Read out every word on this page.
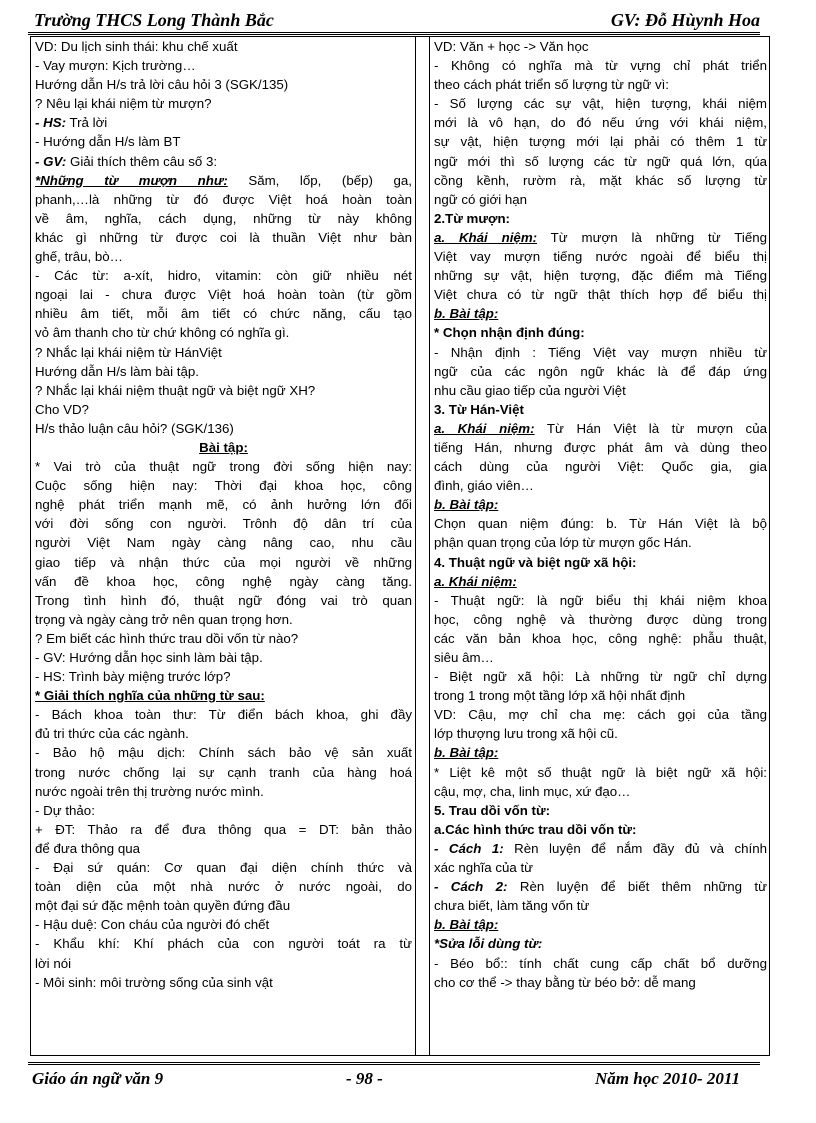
Trường THCS Long Thành Bắc	GV: Đỗ Hùynh Hoa
VD: Du lịch sinh thái: khu chế xuất
- Vay mượn: Kịch trường…
Hướng dẫn H/s trả lời câu hỏi 3 (SGK/135)
? Nêu lại khái niệm từ mượn?
- HS: Trả lời
- Hướng dẫn H/s làm BT
- GV: Giải thích thêm câu số 3:
*Những từ mượn như: Săm, lốp, (bếp) ga,
phanh,…là những từ đó được Việt hoá hoàn toàn
về âm, nghĩa, cách dụng, những từ này không
khác gì những từ được coi là thuần Việt như bàn
ghế, trâu, bò…
- Các từ: a-xít, hidro, vitamin: còn giữ nhiều nét
ngoại lai - chưa được Việt hoá hoàn toàn (từ gồm
nhiều âm tiết, mỗi âm tiết có chức năng, cấu tạo
vỏ âm thanh cho từ chứ không có nghĩa gì.
? Nhắc lại khái niệm từ HánViệt
Hướng dẫn H/s làm bài tập.
? Nhắc lại khái niệm thuật ngữ và biệt ngữ XH?
Cho VD?
H/s thảo luận câu hỏi? (SGK/136)
Bài tập:
* Vai trò của thuật ngữ trong đời sống hiện nay:
Cuộc sống hiện nay: Thời đại khoa học, công
nghệ phát triển mạnh mẽ, có ảnh hưởng lớn đối
với đời sống con người. Trônh độ dân trí của
người Việt Nam ngày càng nâng cao, nhu cầu
giao tiếp và nhận thức của mọi người về những
vấn đề khoa học, công nghệ ngày càng tăng.
Trong tình hình đó, thuật ngữ đóng vai trò quan
trọng và ngày càng trở nên quan trọng hơn.
? Em biết các hình thức trau dồi vốn từ nào?
- GV: Hướng dẫn học sinh làm bài tập.
- HS: Trình bày miệng trước lớp?
* Giải thích nghĩa của những từ sau:
- Bách khoa toàn thư: Từ điển bách khoa, ghi đầy
đủ tri thức của các ngành.
- Bảo hộ mậu dịch: Chính sách bảo vệ sản xuất
trong nước chống lại sự cạnh tranh của hàng hoá
nước ngoài trên thị trường nước mình.
- Dự thảo:
+ ĐT: Thảo ra để đưa thông qua = DT: bản thảo
để đưa thông qua
- Đại sứ quán: Cơ quan đại diện chính thức và
toàn diện của một nhà nước ở nước ngoài, do
một đại sứ đặc mệnh toàn quyền đứng đầu
- Hậu duệ: Con cháu của người đó chết
- Khẩu khí: Khí phách của con người toát ra từ
lời nói
- Môi sinh: môi trường sống của sinh vật
VD: Văn + học -> Văn học
- Không có nghĩa mà từ vựng chỉ phát triển
theo cách phát triển số lượng từ ngữ vì:
- Số lượng các sự vật, hiện tượng, khái niệm
mới là vô hạn, do đó nếu ứng với khái niệm,
sự vật, hiện tượng mới lại phải có thêm 1 từ
ngữ mới thì số lượng các từ ngữ quá lớn, qúa
cồng kềnh, rườm rà, mặt khác số lượng từ
ngữ có giới hạn
2.Từ mượn:
a. Khái niệm: Từ mượn là những từ Tiếng
Việt vay mượn tiếng nước ngoài để biểu thị
những sự vật, hiện tượng, đặc điểm mà Tiếng
Việt chưa có từ ngữ thật thích hợp để biểu thị
b. Bài tập:
* Chọn nhận định đúng:
- Nhận định : Tiếng Việt vay mượn nhiều từ
ngữ của các ngôn ngữ khác là để đáp ứng
nhu cầu giao tiếp của người Việt
3. Từ Hán-Việt
a. Khái niệm: Từ Hán Việt là từ mượn của
tiếng Hán, nhưng được phát âm và dùng theo
cách dùng của người Việt: Quốc gia, gia
đình, giáo viên…
b. Bài tập:
Chọn quan niệm đúng: b. Từ Hán Việt là bộ
phận quan trọng của lớp từ mượn gốc Hán.
4. Thuật ngữ và biệt ngữ xã hội:
a. Khái niệm:
- Thuật ngữ: là ngữ biểu thị khái niệm khoa
học, công nghệ và thường được dùng trong
các văn bản khoa học, công nghệ: phẫu thuật,
siêu âm…
- Biệt ngữ xã hội: Là những từ ngữ chỉ dựng
trong 1 trong một tầng lớp xã hội nhất định
VD: Cậu, mợ chỉ cha mẹ: cách gọi của tầng
lớp thượng lưu trong xã hội cũ.
b. Bài tập:
* Liệt kê một số thuật ngữ là biệt ngữ xã hội:
cậu, mợ, cha, linh mục, xứ đạo…
5. Trau dồi vốn từ:
a.Các hình thức trau dồi vốn từ:
- Cách 1: Rèn luyện để nắm đầy đủ và chính
xác nghĩa của từ
- Cách 2: Rèn luyện để biết thêm những từ
chưa biết, làm tăng vốn từ
b. Bài tập:
*Sửa lỗi dùng từ:
- Béo bổ:: tính chất cung cấp chất bổ dưỡng
cho cơ thể -> thay bằng từ béo bở: dễ mang
Giáo án ngữ văn 9	- 98 -	Năm học 2010- 2011
